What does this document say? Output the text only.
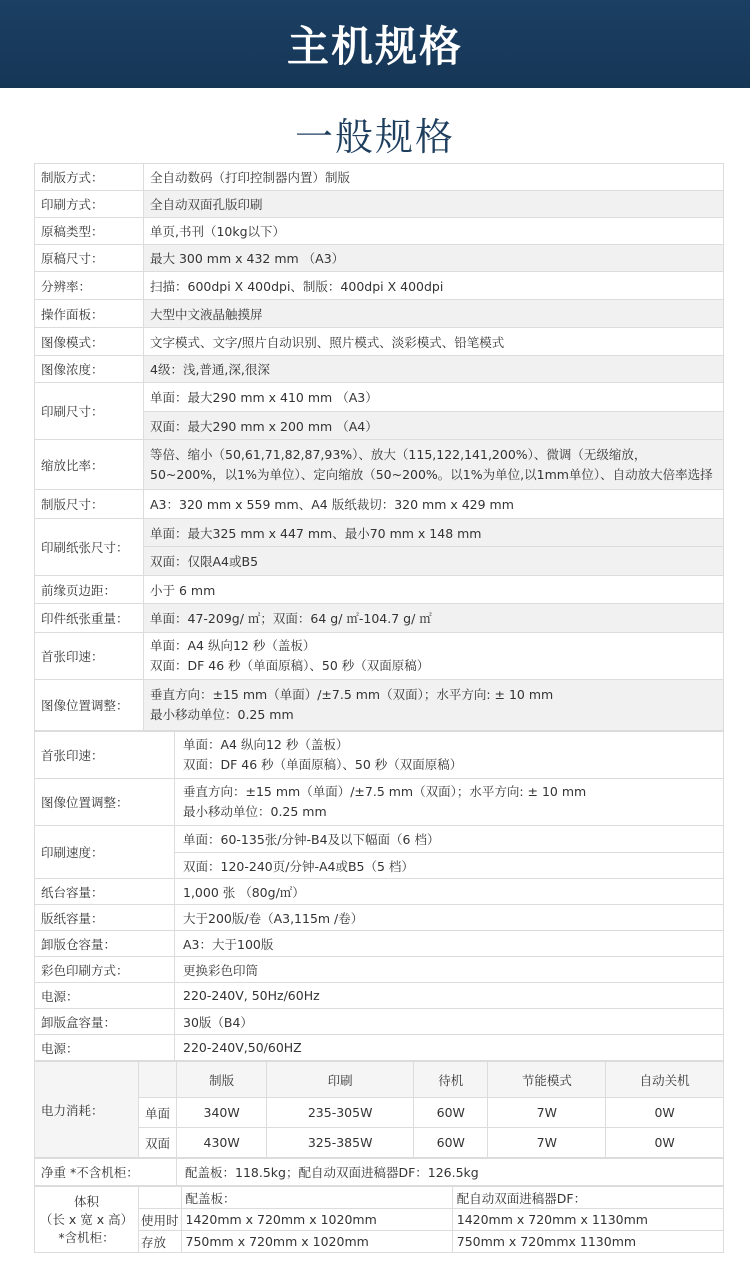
主机规格
一般规格
制版方式：	全自动数码（打印控制器内置）制版
印刷方式：	全自动双面孔版印刷
原稿类型：	单页,书刊（10kg以下）
原稿尺寸：	最大 300 mm x 432 mm （A3）
分辨率：	扫描：600dpi X 400dpi、制版：400dpi X 400dpi
操作面板：	大型中文液晶触摸屏
图像模式：	文字模式、文字/照片自动识别、照片模式、淡彩模式、铅笔模式
图像浓度：	4级：浅,普通,深,很深
印刷尺寸：	单面：最大290 mm x 410 mm （A3）
	双面：最大290 mm x 200 mm （A4）
缩放比率：	等倍、缩小（50,61,71,82,87,93%）、放大（115,122,141,200%）、微调（无级缩放，50~200%，以1%为单位）、定向缩放（50~200%。以1%为单位,以1mm单位）、自动放大倍率选择
制版尺寸：	A3：320 mm x 559 mm、A4 版纸裁切：320 mm x 429 mm
印刷纸张尺寸：	单面：最大325 mm x 447 mm、最小70 mm x 148 mm
	双面：仅限A4或B5
前缘页边距：	小于 6 mm
印件纸张重量：	单面：47-209g/ ㎡；双面：64 g/ ㎡-104.7 g/ ㎡
首张印速：	单面：A4 纵向12 秒（盖板）
双面：DF 46 秒（单面原稿）、50 秒（双面原稿）
图像位置调整：	垂直方向：±15 mm（单面）/±7.5 mm（双面）；水平方向: ± 10 mm
最小移动单位：0.25 mm
首张印速：	单面：A4 纵向12 秒（盖板）
双面：DF 46 秒（单面原稿）、50 秒（双面原稿）
图像位置调整：	垂直方向：±15 mm（单面）/±7.5 mm（双面）；水平方向: ± 10 mm
最小移动单位：0.25 mm
印刷速度：	单面：60-135张/分钟-B4及以下幅面（6 档）
	双面：120-240页/分钟-A4或B5（5 档）
纸台容量：	1,000 张 （80g/㎡）
版纸容量：	大于200版/卷（A3,115m /卷）
卸版仓容量：	A3：大于100版
彩色印刷方式：	更换彩色印筒
电源：	220-240V, 50Hz/60Hz
卸版盒容量：	30版（B4）
电源：	220-240V,50/60HZ
电力消耗：		制版	印刷	待机	节能模式	自动关机
	单面	340W	235-305W	60W	7W	0W
	双面	430W	325-385W	60W	7W	0W
净重 *不含机柜：	配盖板：118.5kg；配自动双面进稿器DF：126.5kg
体积
（长 x 宽 x 高）
*含机柜：		配盖板：	配自动双面进稿器DF：
	使用时	1420mm x 720mm x 1020mm	1420mm x 720mm x 1130mm
	存放	750mm x 720mm x 1020mm	750mm x 720mmx 1130mm
